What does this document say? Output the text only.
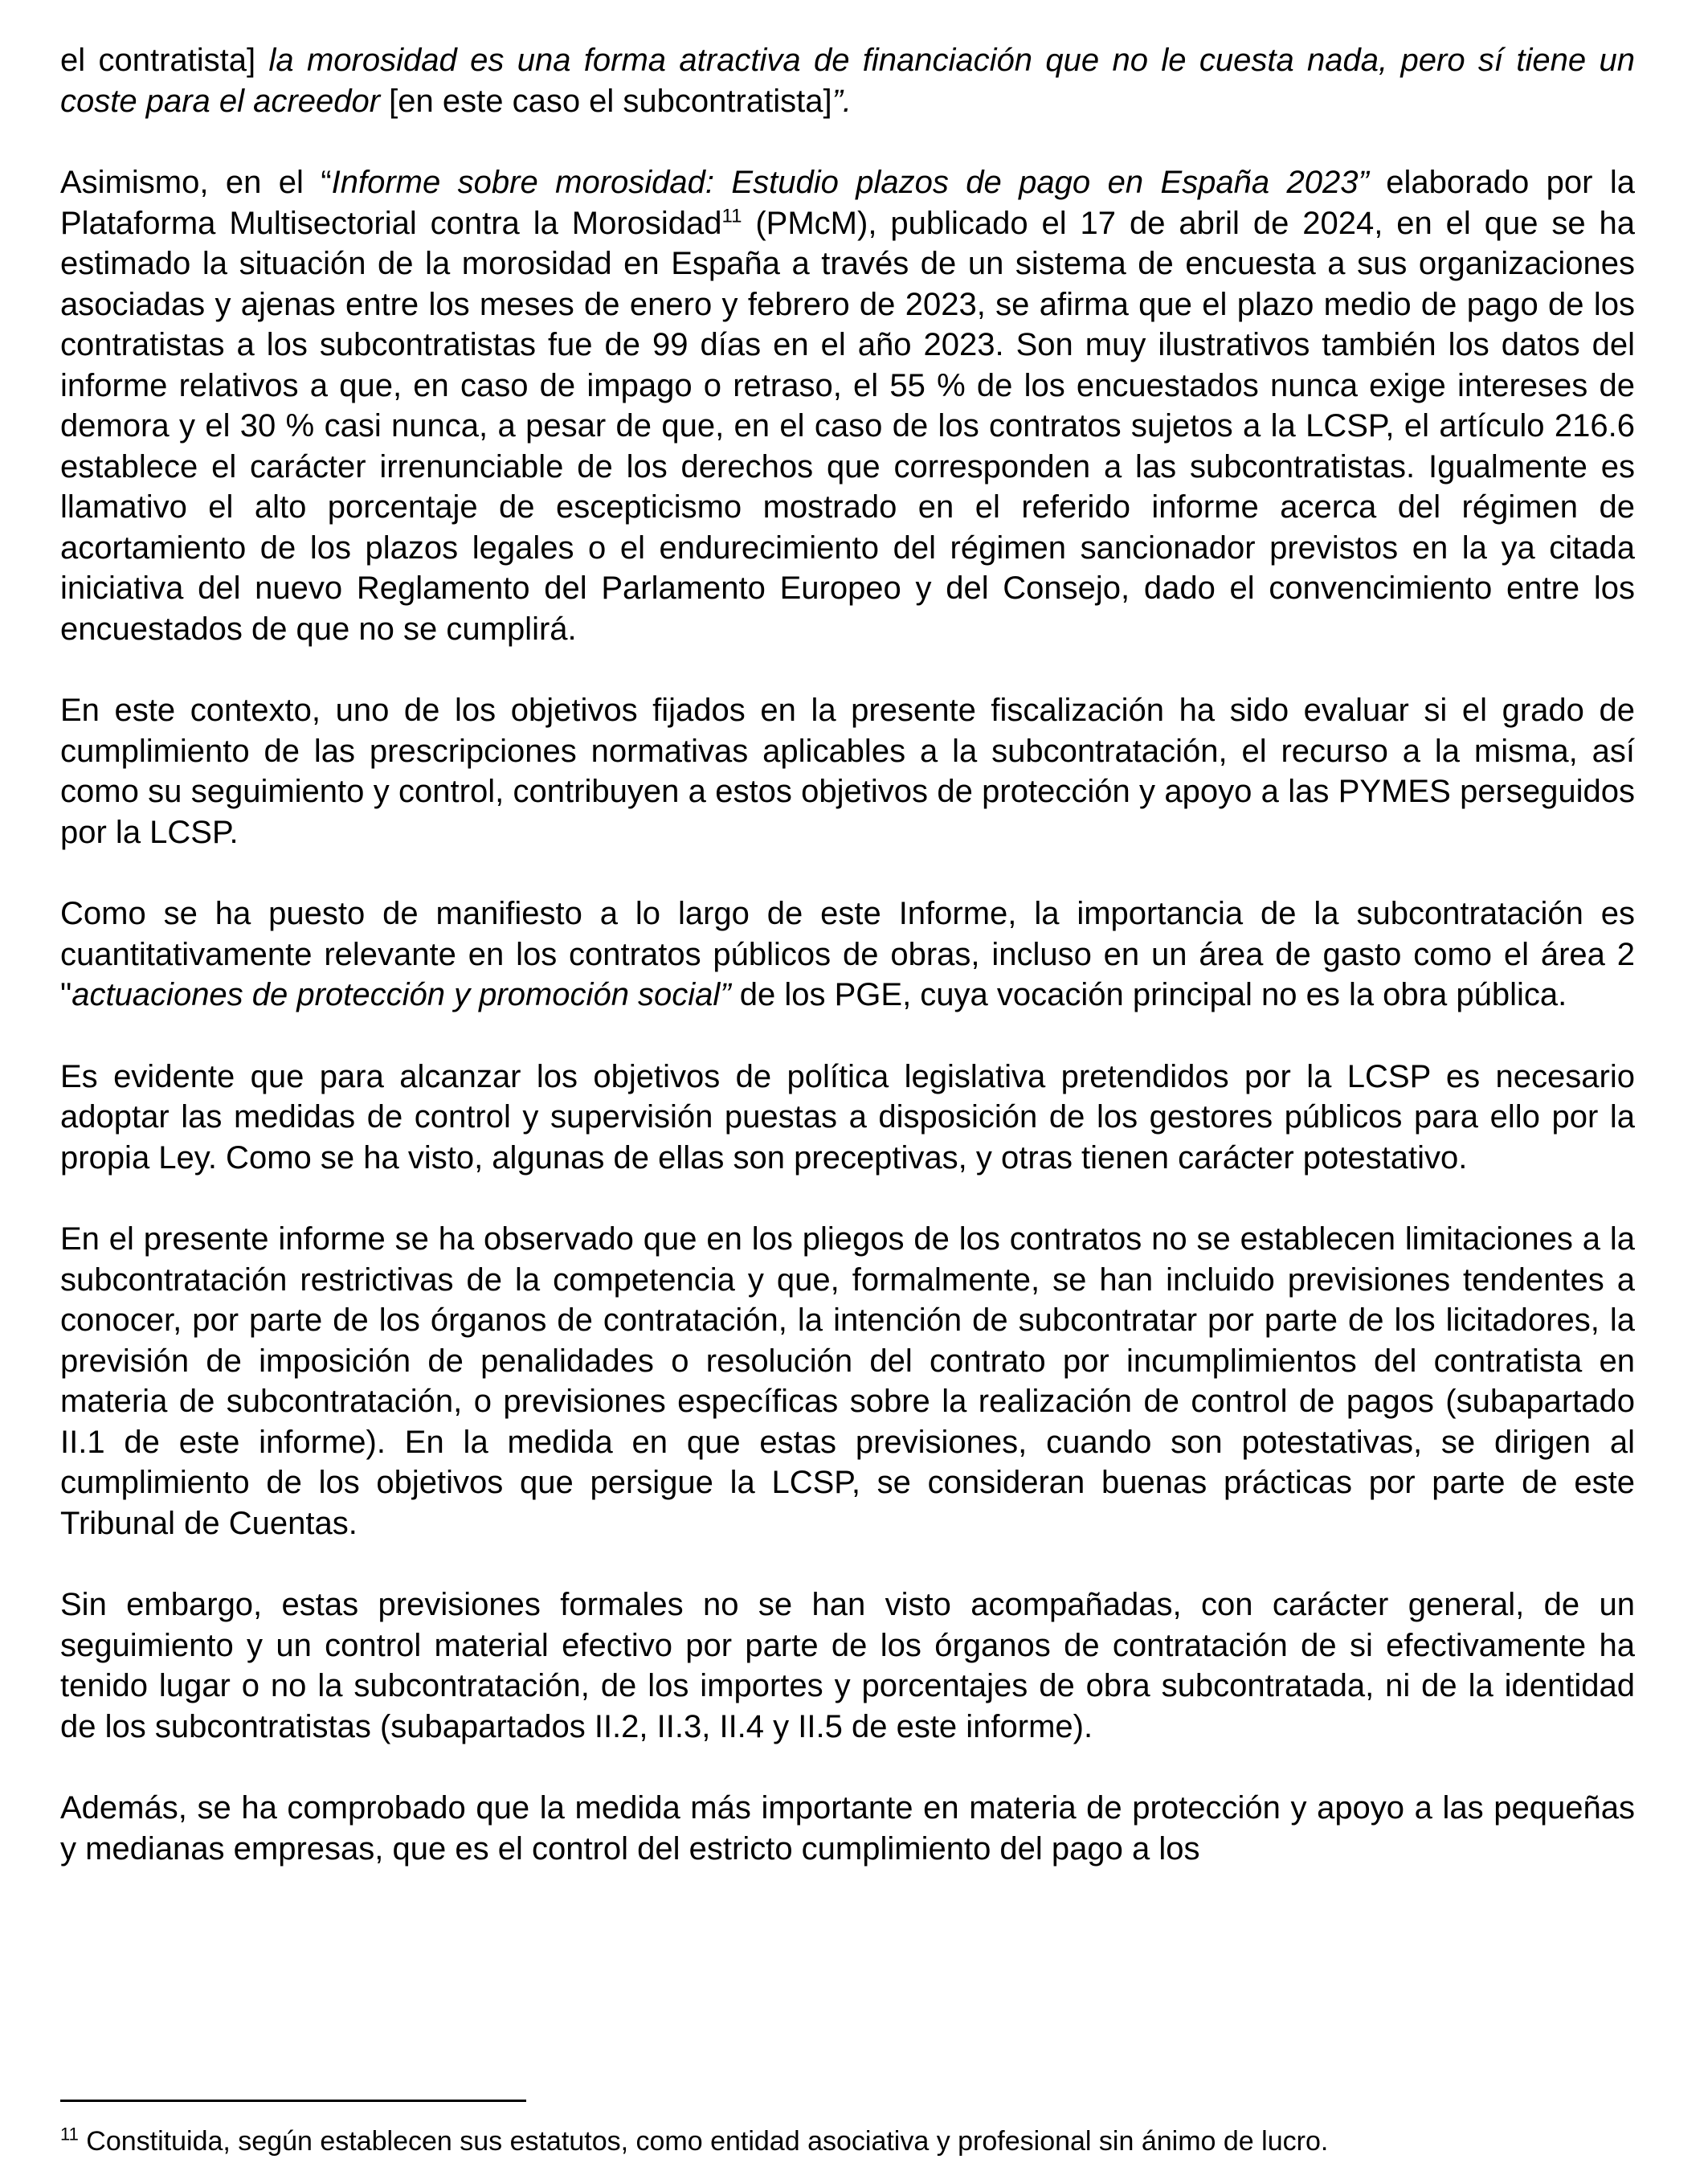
el contratista] la morosidad es una forma atractiva de financiación que no le cuesta nada, pero sí tiene un coste para el acreedor [en este caso el subcontratista]”.

Asimismo, en el “Informe sobre morosidad: Estudio plazos de pago en España 2023” elaborado por la Plataforma Multisectorial contra la Morosidad$^{11}$ (PMcM), publicado el 17 de abril de 2024, en el que se ha estimado la situación de la morosidad en España a través de un sistema de encuesta a sus organizaciones asociadas y ajenas entre los meses de enero y febrero de 2023, se afirma que el plazo medio de pago de los contratistas a los subcontratistas fue de 99 días en el año 2023. Son muy ilustrativos también los datos del informe relativos a que, en caso de impago o retraso, el 55 % de los encuestados nunca exige intereses de demora y el 30 % casi nunca, a pesar de que, en el caso de los contratos sujetos a la LCSP, el artículo 216.6 establece el carácter irrenunciable de los derechos que corresponden a las subcontratistas. Igualmente es llamativo el alto porcentaje de escepticismo mostrado en el referido informe acerca del régimen de acortamiento de los plazos legales o el endurecimiento del régimen sancionador previstos en la ya citada iniciativa del nuevo Reglamento del Parlamento Europeo y del Consejo, dado el convencimiento entre los encuestados de que no se cumplirá.

En este contexto, uno de los objetivos fijados en la presente fiscalización ha sido evaluar si el grado de cumplimiento de las prescripciones normativas aplicables a la subcontratación, el recurso a la misma, así como su seguimiento y control, contribuyen a estos objetivos de protección y apoyo a las PYMES perseguidos por la LCSP.

Como se ha puesto de manifiesto a lo largo de este Informe, la importancia de la subcontratación es cuantitativamente relevante en los contratos públicos de obras, incluso en un área de gasto como el área 2 "actuaciones de protección y promoción social” de los PGE, cuya vocación principal no es la obra pública.

Es evidente que para alcanzar los objetivos de política legislativa pretendidos por la LCSP es necesario adoptar las medidas de control y supervisión puestas a disposición de los gestores públicos para ello por la propia Ley. Como se ha visto, algunas de ellas son preceptivas, y otras tienen carácter potestativo.

En el presente informe se ha observado que en los pliegos de los contratos no se establecen limitaciones a la subcontratación restrictivas de la competencia y que, formalmente, se han incluido previsiones tendentes a conocer, por parte de los órganos de contratación, la intención de subcontratar por parte de los licitadores, la previsión de imposición de penalidades o resolución del contrato por incumplimientos del contratista en materia de subcontratación, o previsiones específicas sobre la realización de control de pagos (subapartado II.1 de este informe). En la medida en que estas previsiones, cuando son potestativas, se dirigen al cumplimiento de los objetivos que persigue la LCSP, se consideran buenas prácticas por parte de este Tribunal de Cuentas.

Sin embargo, estas previsiones formales no se han visto acompañadas, con carácter general, de un seguimiento y un control material efectivo por parte de los órganos de contratación de si efectivamente ha tenido lugar o no la subcontratación, de los importes y porcentajes de obra subcontratada, ni de la identidad de los subcontratistas (subapartados II.2, II.3, II.4 y II.5 de este informe).

Además, se ha comprobado que la medida más importante en materia de protección y apoyo a las pequeñas y medianas empresas, que es el control del estricto cumplimiento del pago a los

$^{11}$ Constituida, según establecen sus estatutos, como entidad asociativa y profesional sin ánimo de lucro.
